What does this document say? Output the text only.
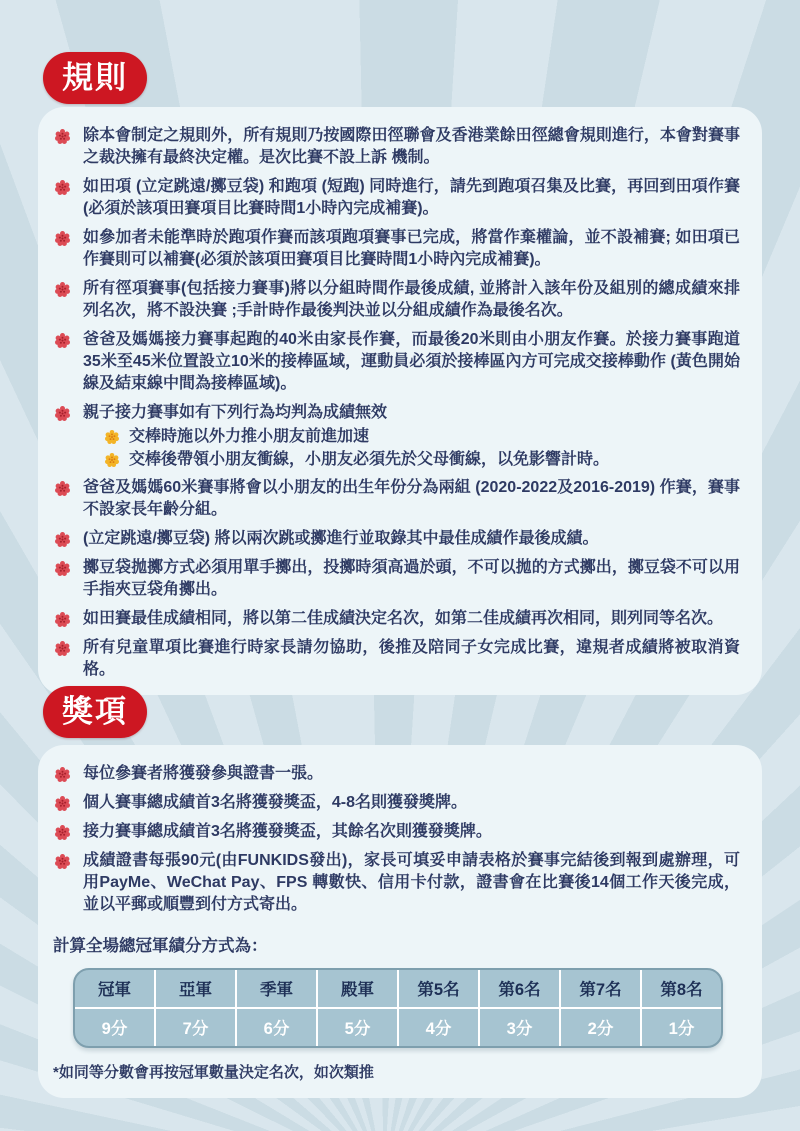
規則
除本會制定之規則外，所有規則乃按國際田徑聯會及香港業餘田徑總會規則進行，本會對賽事之裁決擁有最終決定權。是次比賽不設上訴 機制。
如田項 (立定跳遠/擲豆袋) 和跑項 (短跑) 同時進行，請先到跑項召集及比賽，再回到田項作賽(必須於該項田賽項目比賽時間1小時內完成補賽)。
如參加者未能準時於跑項作賽而該項跑項賽事已完成，將當作棄權論，並不設補賽; 如田項已作賽則可以補賽(必須於該項田賽項目比賽時間1小時內完成補賽)。
所有徑項賽事(包括接力賽事)將以分組時間作最後成績, 並將計入該年份及組別的總成績來排列名次，將不設決賽 ;手計時作最後判決並以分組成績作為最後名次。
爸爸及媽媽接力賽事起跑的40米由家長作賽，而最後20米則由小朋友作賽。於接力賽事跑道35米至45米位置設立10米的接棒區域，運動員必須於接棒區內方可完成交接棒動作 (黃色開始線及結束線中間為接棒區域)。
親子接力賽事如有下列行為均判為成績無效
交棒時施以外力推小朋友前進加速
交棒後帶領小朋友衝線，小朋友必須先於父母衝線，以免影響計時。
爸爸及媽媽60米賽事將會以小朋友的出生年份分為兩組 (2020-2022及2016-2019) 作賽，賽事不設家長年齡分組。
(立定跳遠/擲豆袋) 將以兩次跳或擲進行並取錄其中最佳成績作最後成績。
擲豆袋拋擲方式必須用單手擲出，投擲時須高過於頭，不可以拋的方式擲出，擲豆袋不可以用手指夾豆袋角擲出。
如田賽最佳成績相同，將以第二佳成績決定名次，如第二佳成績再次相同，則列同等名次。
所有兒童單項比賽進行時家長請勿協助，後推及陪同子女完成比賽，違規者成績將被取消資格。
獎項
每位參賽者將獲發參與證書一張。
個人賽事總成績首3名將獲發獎盃，4-8名則獲發獎牌。
接力賽事總成績首3名將獲發獎盃，其餘名次則獲發獎牌。
成績證書每張90元(由FUNKIDS發出)，家長可填妥申請表格於賽事完結後到報到處辦理，可用PayMe、WeChat Pay、FPS 轉數快、信用卡付款，證書會在比賽後14個工作天後完成，並以平郵或順豐到付方式寄出。
計算全場總冠軍績分方式為：
冠軍	亞軍	季軍	殿軍	第5名	第6名	第7名	第8名
9分	7分	6分	5分	4分	3分	2分	1分
*如同等分數會再按冠軍數量決定名次，如次類推
